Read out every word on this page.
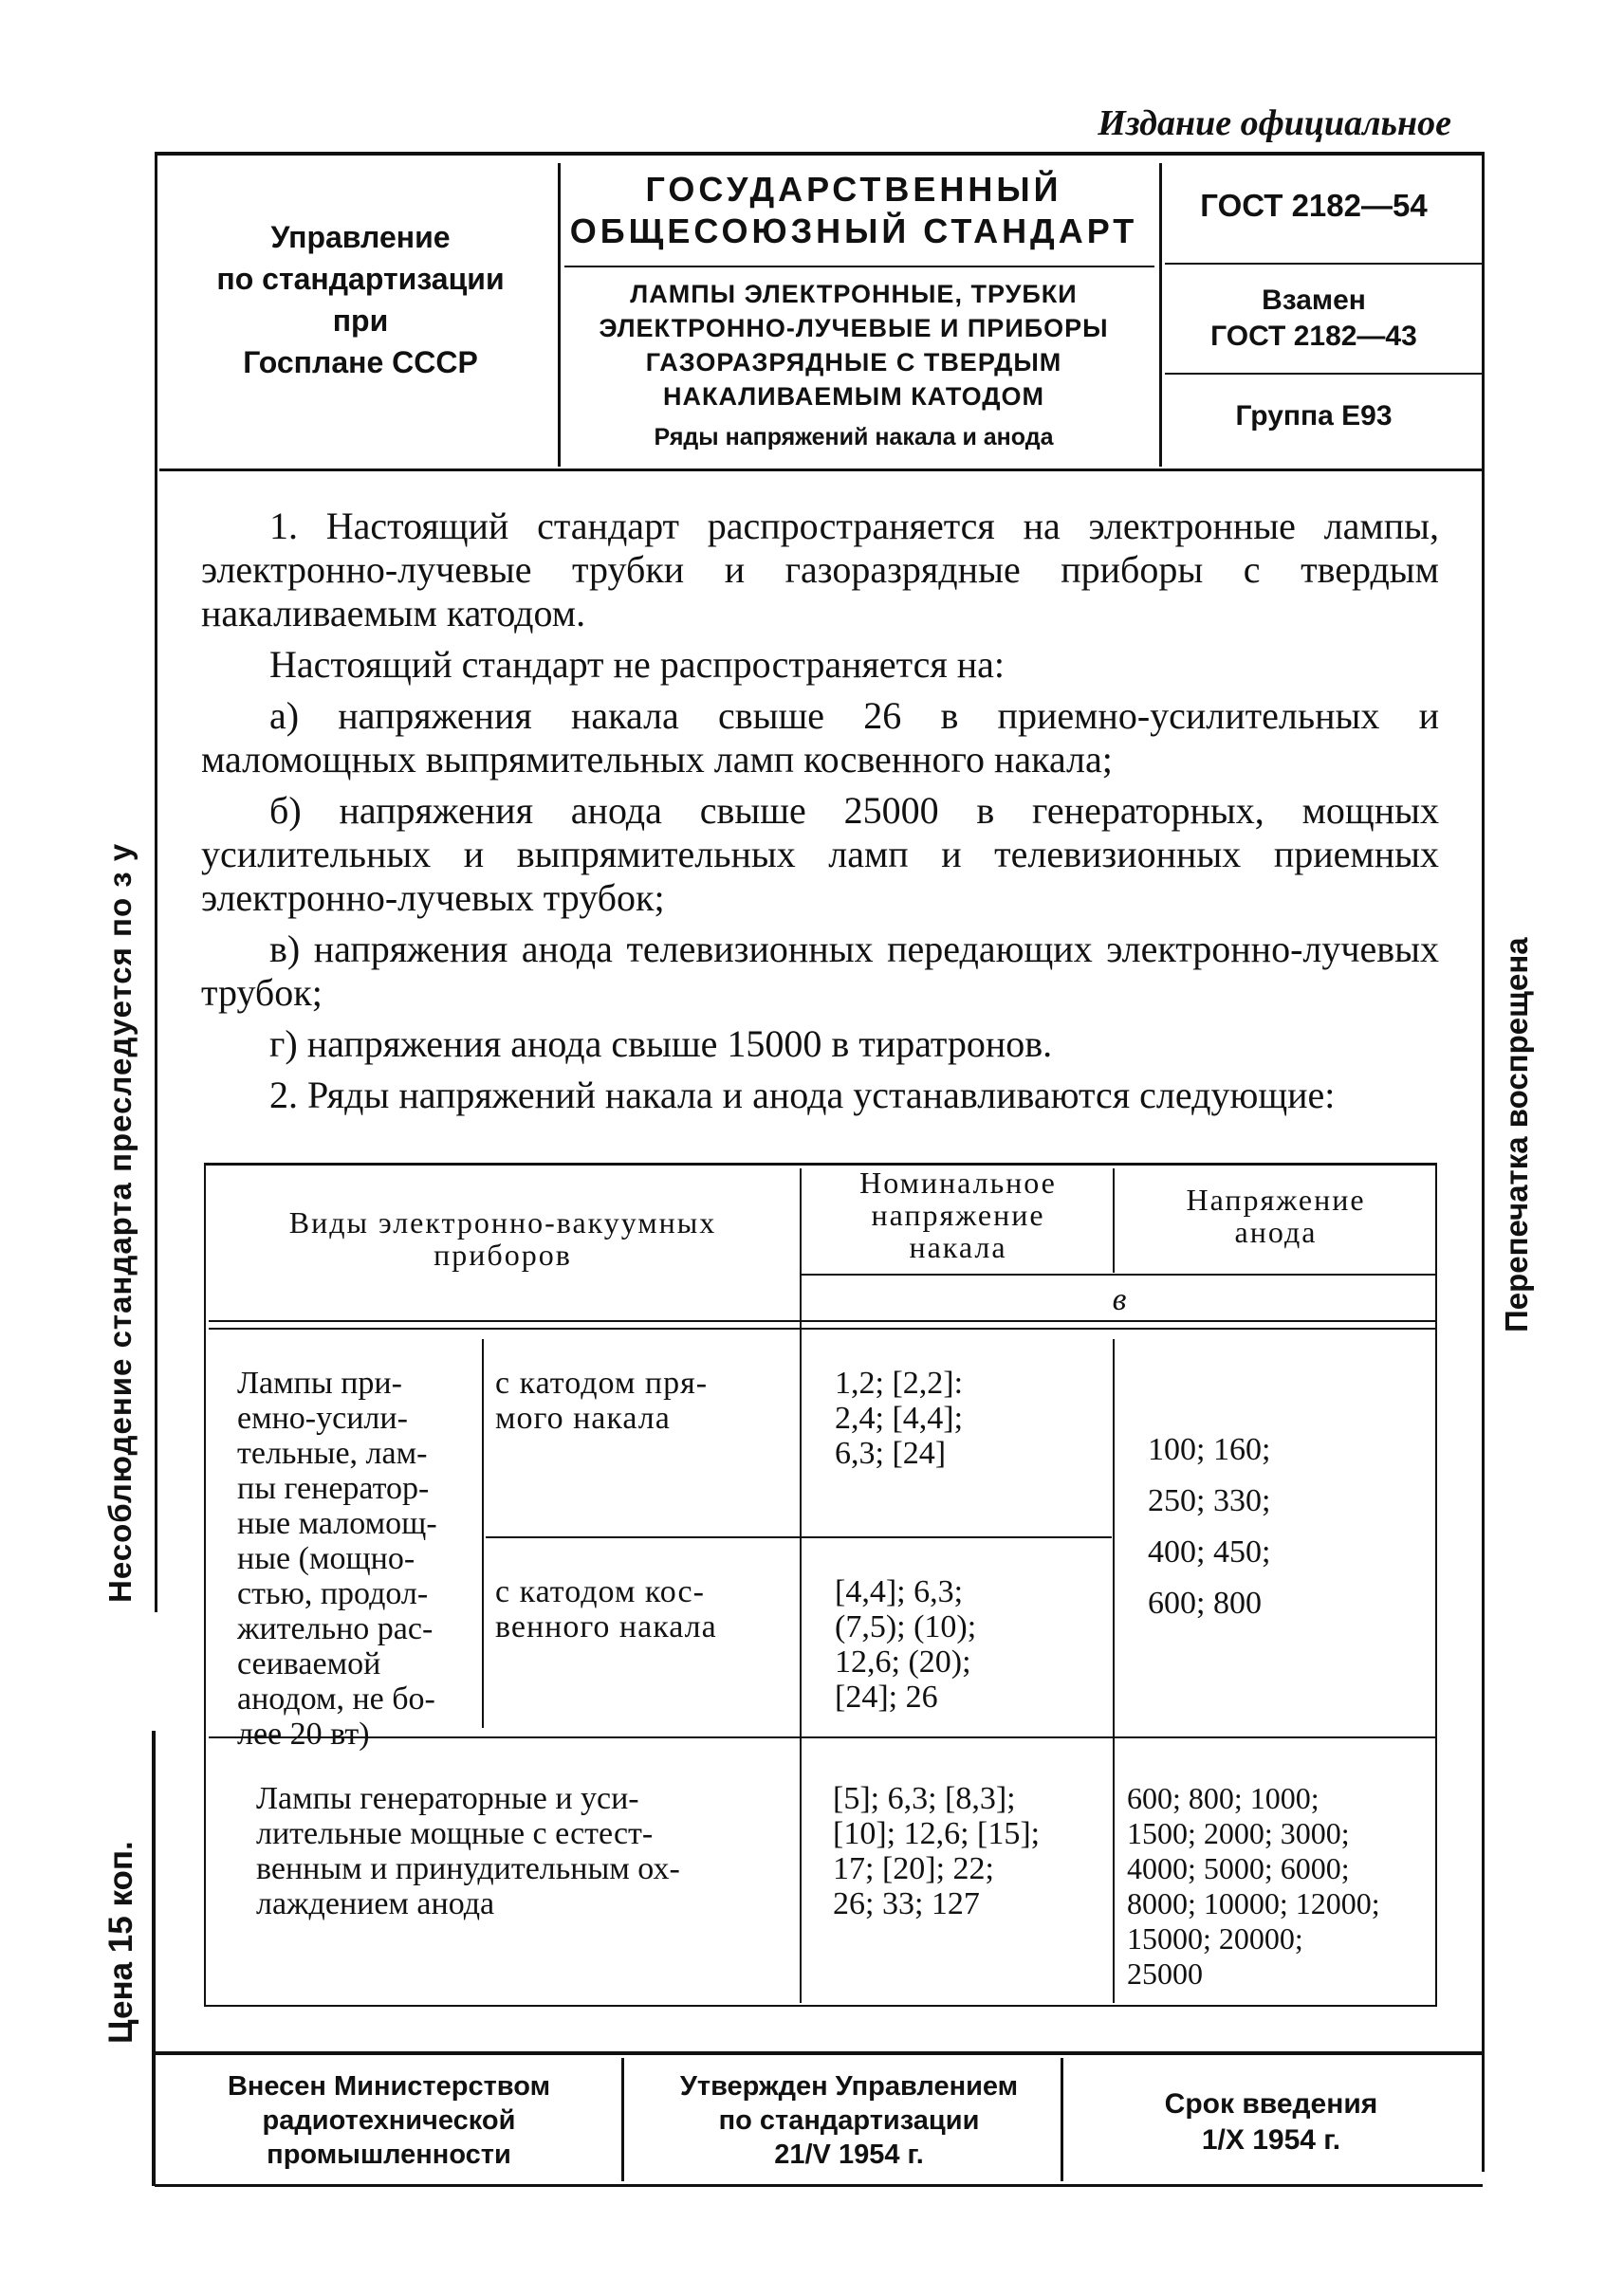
Издание официальное
Управление
по стандартизации
при
Госплане СССР
ГОСУДАРСТВЕННЫЙ
ОБЩЕСОЮЗНЫЙ СТАНДАРТ
ЛАМПЫ ЭЛЕКТРОННЫЕ, ТРУБКИ
ЭЛЕКТРОННО-ЛУЧЕВЫЕ И ПРИБОРЫ
ГАЗОРАЗРЯДНЫЕ С ТВЕРДЫМ
НАКАЛИВАЕМЫМ КАТОДОМ
Ряды напряжений накала и анода
ГОСТ 2182—54
Взамен
ГОСТ 2182—43
Группа Е93

1. Настоящий стандарт распространяется на электронные лампы, электронно-лучевые трубки и газоразрядные приборы с твердым накаливаемым катодом.

Настоящий стандарт не распространяется на:

а) напряжения накала свыше 26 в приемно-усилительных и маломощных выпрямительных ламп косвенного накала;

б) напряжения анода свыше 25000 в генераторных, мощных усилительных и выпрямительных ламп и телевизионных приемных электронно-лучевых трубок;

в) напряжения анода телевизионных передающих электронно-лучевых трубок;

г) напряжения анода свыше 15000 в тиратронов.

2. Ряды напряжений накала и анода устанавливаются следующие:

Виды электронно-вакуумных
приборов
Номинальное
напряжение
накала
Напряжение
анода
в
Лампы при-
емно-усили-
тельные, лам-
пы генератор-
ные маломощ-
ные (мощно-
стью, продол-
жительно рас-
сеиваемой
анодом, не бо-
лее 20 вт)
с катодом пря-
мого накала
1,2; [2,2]:
2,4; [4,4];
6,3; [24]
с катодом кос-
венного накала
[4,4]; 6,3;
(7,5); (10);
12,6; (20);
[24]; 26
100; 160;
250; 330;
400; 450;
600; 800
Лампы генераторные и уси-
лительные мощные с естест-
венным и принудительным ох-
лаждением анода
[5]; 6,3; [8,3];
[10]; 12,6; [15];
17; [20]; 22;
26; 33; 127
600; 800; 1000;
1500; 2000; 3000;
4000; 5000; 6000;
8000; 10000; 12000;
15000; 20000;
25000
Несоблюдение стандарта преследуется по з у
Цена 15 коп.
Перепечатка воспрещена
Внесен Министерством
радиотехнической
промышленности
Утвержден Управлением
по стандартизации
21/V 1954 г.
Срок введения
1/X 1954 г.
